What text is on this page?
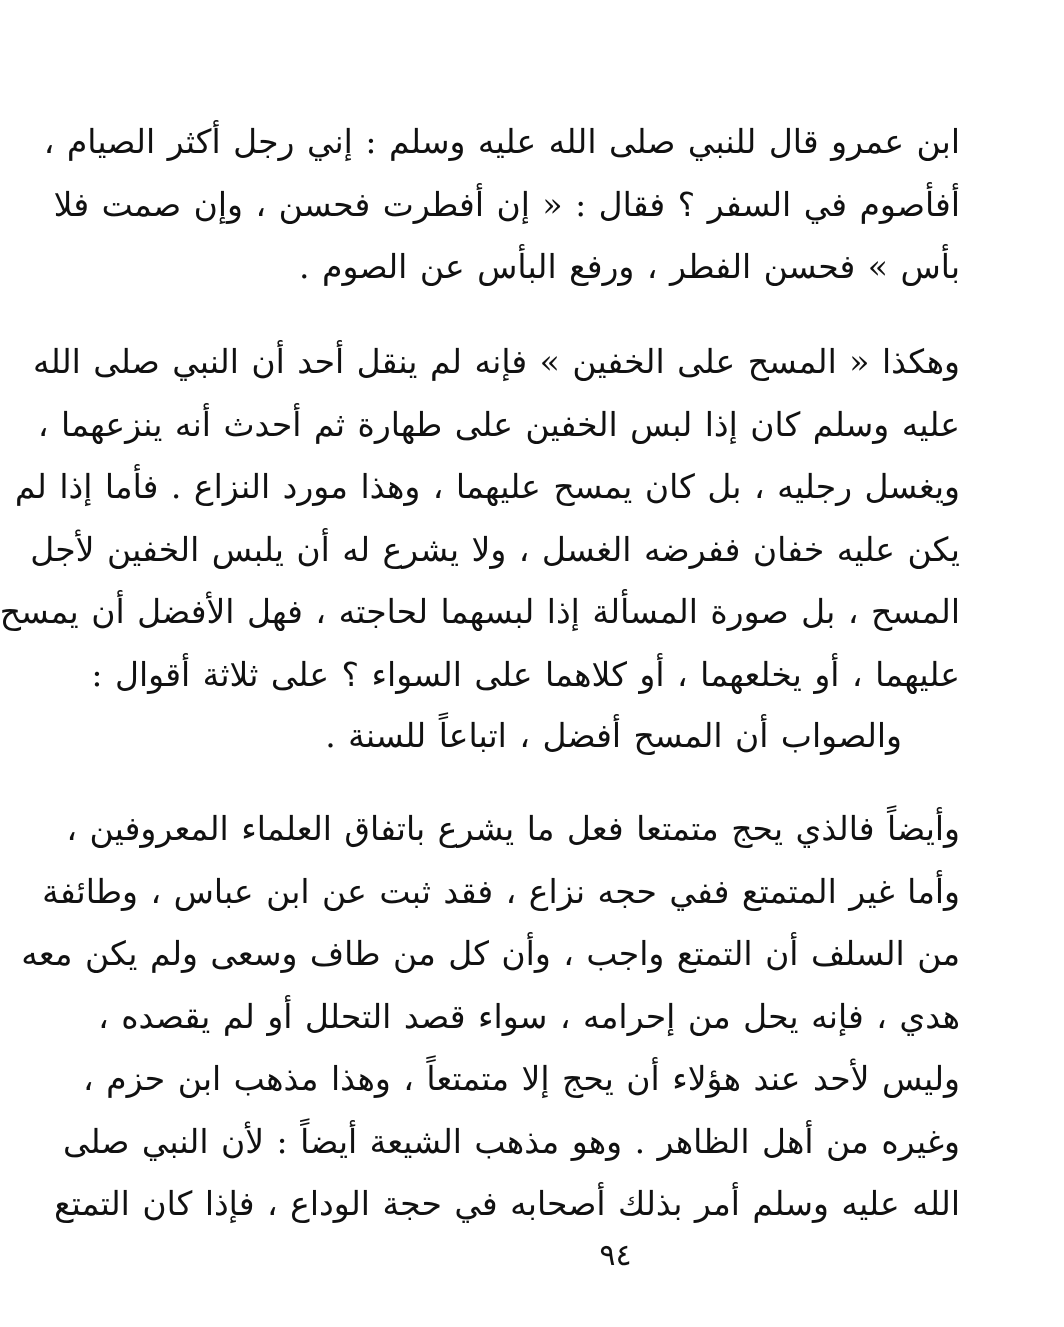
ابن عمرو قال للنبي صلى الله عليه وسلم : إني رجل أكثر الصيام ،
أفأصوم في السفر ؟ فقال : « إن أفطرت فحسن ، وإن صمت فلا
بأس » فحسن الفطر ، ورفع البأس عن الصوم .
وهكذا « المسح على الخفين » فإنه لم ينقل أحد أن النبي صلى الله
عليه وسلم كان إذا لبس الخفين على طهارة ثم أحدث أنه ينزعهما ،
ويغسل رجليه ، بل كان يمسح عليهما ، وهذا مورد النزاع . فأما إذا لم
يكن عليه خفان ففرضه الغسل ، ولا يشرع له أن يلبس الخفين لأجل
المسح ، بل صورة المسألة إذا لبسهما لحاجته ، فهل الأفضل أن يمسح
عليهما ، أو يخلعهما ، أو كلاهما على السواء ؟ على ثلاثة أقوال :
والصواب أن المسح أفضل ، اتباعاً للسنة .
وأيضاً فالذي يحج متمتعا فعل ما يشرع باتفاق العلماء المعروفين ،
وأما غير المتمتع ففي حجه نزاع ، فقد ثبت عن ابن عباس ، وطائفة
من السلف أن التمتع واجب ، وأن كل من طاف وسعى ولم يكن معه
هدي ، فإنه يحل من إحرامه ، سواء قصد التحلل أو لم يقصده ،
وليس لأحد عند هؤلاء أن يحج إلا متمتعاً ، وهذا مذهب ابن حزم ،
وغيره من أهل الظاهر . وهو مذهب الشيعة أيضاً : لأن النبي صلى
الله عليه وسلم أمر بذلك أصحابه في حجة الوداع ، فإذا كان التمتع
٩٤
